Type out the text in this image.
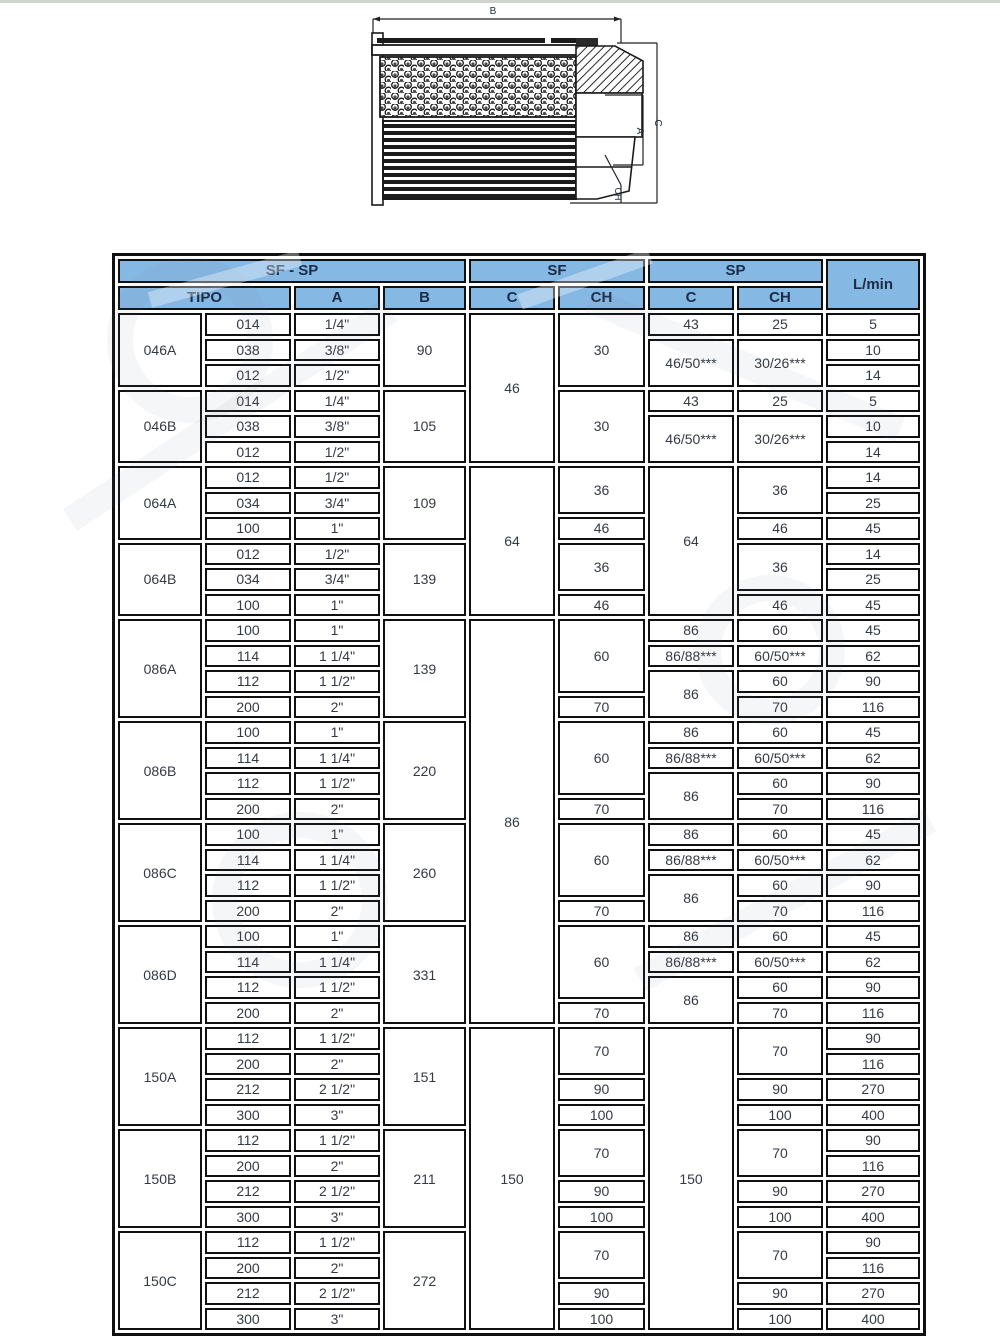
B
C
A
CH
SF - SP				SF		SP		L/min
TIPO		A	B	C	CH	C	CH	
046A	014	1/4"	90	46	30	43	25	5
	038	3/8"				46/50***	30/26***	10
	012	1/2"						14
046B	014	1/4"	105		30	43	25	5
	038	3/8"				46/50***	30/26***	10
	012	1/2"						14
064A	012	1/2"	109	64	36	64	36	14
	034	3/4"						25
	100	1"			46		46	45
064B	012	1/2"	139		36		36	14
	034	3/4"						25
	100	1"			46		46	45
086A	100	1"	139	86	60	86	60	45
	114	1 1/4"				86/88***	60/50***	62
	112	1 1/2"				86	60	90
	200	2"			70		70	116
086B	100	1"	220		60	86	60	45
	114	1 1/4"				86/88***	60/50***	62
	112	1 1/2"				86	60	90
	200	2"			70		70	116
086C	100	1"	260		60	86	60	45
	114	1 1/4"				86/88***	60/50***	62
	112	1 1/2"				86	60	90
	200	2"			70		70	116
086D	100	1"	331		60	86	60	45
	114	1 1/4"				86/88***	60/50***	62
	112	1 1/2"				86	60	90
	200	2"			70		70	116
150A	112	1 1/2"	151	150	70	150	70	90
	200	2"						116
	212	2 1/2"			90		90	270
	300	3"			100		100	400
150B	112	1 1/2"	211		70		70	90
	200	2"						116
	212	2 1/2"			90		90	270
	300	3"			100		100	400
150C	112	1 1/2"	272		70		70	90
	200	2"						116
	212	2 1/2"			90		90	270
	300	3"			100		100	400
